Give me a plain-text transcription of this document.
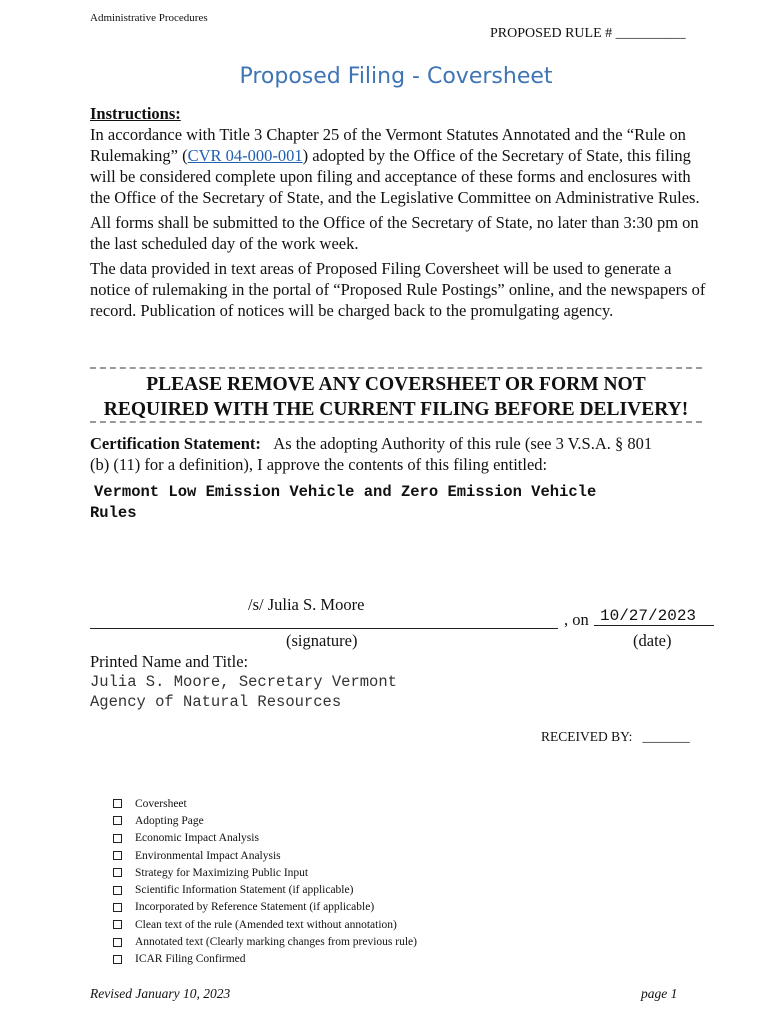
Administrative Procedures
PROPOSED RULE # __________
Proposed Filing - Coversheet
Instructions:
In accordance with Title 3 Chapter 25 of the Vermont Statutes Annotated and the “Rule on Rulemaking” (CVR 04-000-001) adopted by the Office of the Secretary of State, this filing will be considered complete upon filing and acceptance of these forms and enclosures with the Office of the Secretary of State, and the Legislative Committee on Administrative Rules.
All forms shall be submitted to the Office of the Secretary of State, no later than 3:30 pm on the last scheduled day of the work week.
The data provided in text areas of Proposed Filing Coversheet will be used to generate a notice of rulemaking in the portal of “Proposed Rule Postings” online, and the newspapers of record. Publication of notices will be charged back to the promulgating agency.
PLEASE REMOVE ANY COVERSHEET OR FORM NOT
REQUIRED WITH THE CURRENT FILING BEFORE DELIVERY!
Certification Statement: As the adopting Authority of this rule (see 3 V.S.A. § 801
(b) (11) for a definition), I approve the contents of this filing entitled:
Vermont Low Emission Vehicle and Zero Emission Vehicle
Rules
/s/ Julia S. Moore
, on 10/27/2023
(signature)	(date)
Printed Name and Title:
Julia S. Moore, Secretary Vermont
Agency of Natural Resources
RECEIVED BY: _______
Coversheet
Adopting Page
Economic Impact Analysis
Environmental Impact Analysis
Strategy for Maximizing Public Input
Scientific Information Statement (if applicable)
Incorporated by Reference Statement (if applicable)
Clean text of the rule (Amended text without annotation)
Annotated text (Clearly marking changes from previous rule)
ICAR Filing Confirmed
Revised January 10, 2023	page 1
